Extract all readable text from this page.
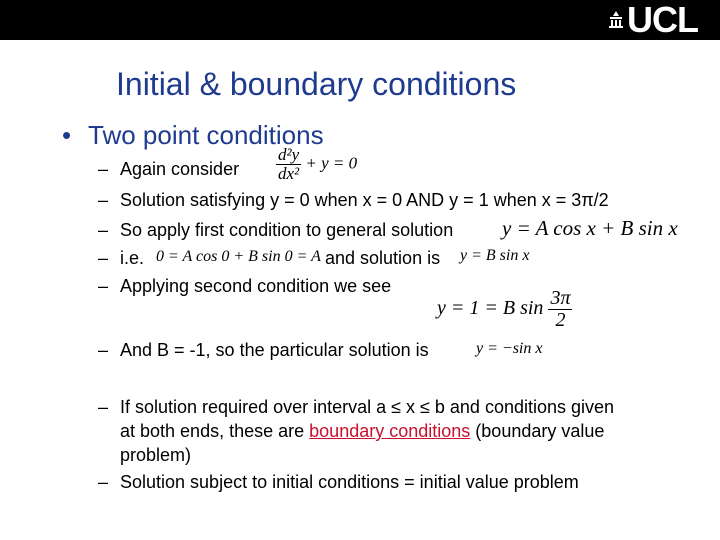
UCL
Initial & boundary conditions
• Two point conditions
– Again consider $\frac{\text{d²y}}{\text{dx²}} + y = 0$
– Solution satisfying y = 0 when x = 0 AND y = 1 when x = 3π/2
– So apply first condition to general solution y = A cos x + B sin x
– i.e. 0 = A cos 0 + B sin 0 = A and solution is y = B sin x
– Applying second condition we see
y = 1 = B $\sin \frac{3\pi}{2}$
– And B = -1, so the particular solution is	y = −sin x
– If solution required over interval a ≤ x ≤ b and conditions given
at both ends, these are boundary conditions (boundary value
problem)
– Solution subject to initial conditions = initial value problem
